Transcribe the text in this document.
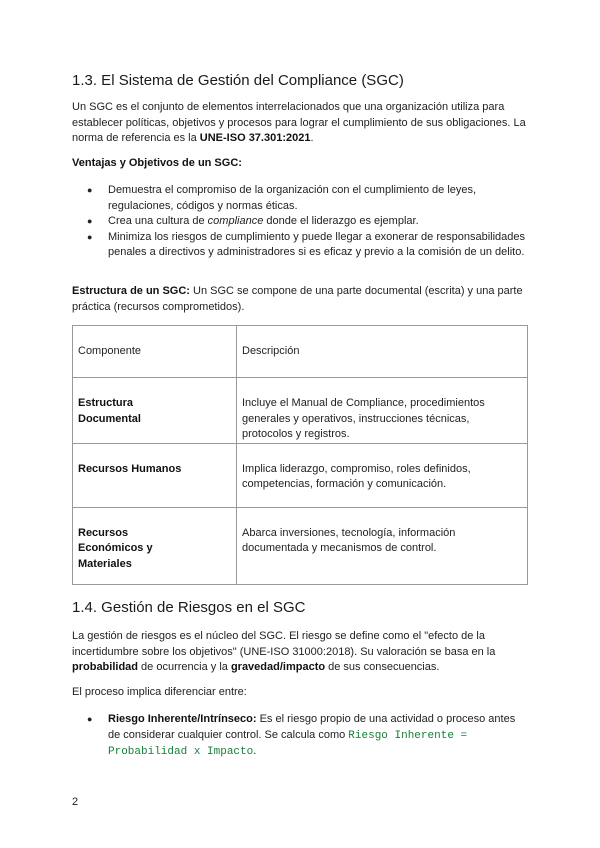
1.3. El Sistema de Gestión del Compliance (SGC)

Un SGC es el conjunto de elementos interrelacionados que una organización utiliza para establecer políticas, objetivos y procesos para lograr el cumplimiento de sus obligaciones. La norma de referencia es la UNE-ISO 37.301:2021.

Ventajas y Objetivos de un SGC:

● Demuestra el compromiso de la organización con el cumplimiento de leyes, regulaciones, códigos y normas éticas.
● Crea una cultura de compliance donde el liderazgo es ejemplar.
● Minimiza los riesgos de cumplimiento y puede llegar a exonerar de responsabilidades penales a directivos y administradores si es eficaz y previo a la comisión de un delito.

Estructura de un SGC: Un SGC se compone de una parte documental (escrita) y una parte práctica (recursos comprometidos).

Componente	Descripción
Estructura Documental	Incluye el Manual de Compliance, procedimientos generales y operativos, instrucciones técnicas, protocolos y registros.
Recursos Humanos	Implica liderazgo, compromiso, roles definidos, competencias, formación y comunicación.
Recursos Económicos y Materiales	Abarca inversiones, tecnología, información documentada y mecanismos de control.
1.4. Gestión de Riesgos en el SGC

La gestión de riesgos es el núcleo del SGC. El riesgo se define como el "efecto de la incertidumbre sobre los objetivos" (UNE-ISO 31000:2018). Su valoración se basa en la probabilidad de ocurrencia y la gravedad/impacto de sus consecuencias.

El proceso implica diferenciar entre:

● Riesgo Inherente/Intrínseco: Es el riesgo propio de una actividad o proceso antes de considerar cualquier control. Se calcula como Riesgo Inherente = Probabilidad x Impacto.
2
